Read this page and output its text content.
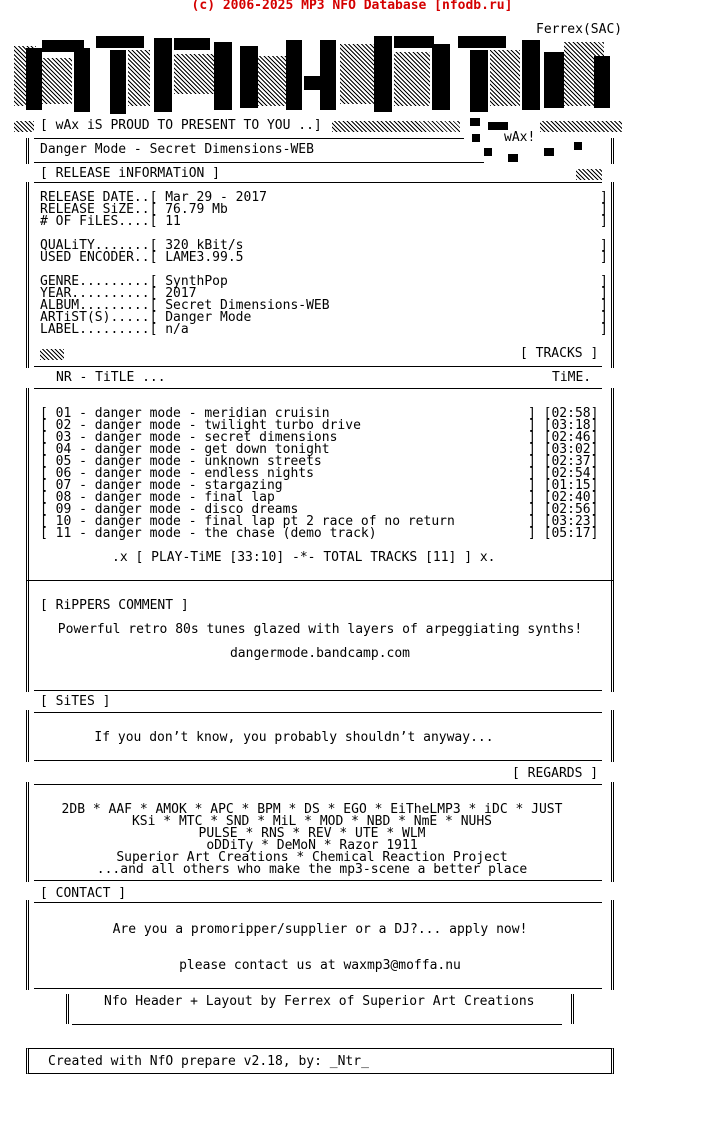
(c) 2006-2025 MP3 NFO Database [nfodb.ru]
Ferrex(SAC)
[ wAx iS PROUD TO PRESENT TO YOU ..]
wAx!
Danger Mode - Secret Dimensions-WEB
[ RELEASE iNFORMATiON ]
RELEASE DATE..[ Mar 29 - 2017	]
RELEASE SiZE..[ 76.79 Mb	]
# OF FiLES....[ 11	]
QUALiTY.......[ 320 kBit/s	]
USED ENCODER..[ LAME3.99.5	]
GENRE.........[ SynthPop	]
YEAR..........[ 2017	]
ALBUM.........[ Secret Dimensions-WEB	]
ARTiST(S).....[ Danger Mode	]
LABEL.........[ n/a	]
[ TRACKS ]
NR - TiTLE ...	TiME.
[ 01 - danger mode - meridian cruisin	] [02:58]
[ 02 - danger mode - twilight turbo drive	] [03:18]
[ 03 - danger mode - secret dimensions	] [02:46]
[ 04 - danger mode - get down tonight	] [03:02]
[ 05 - danger mode - unknown streets	] [02:37]
[ 06 - danger mode - endless nights	] [02:54]
[ 07 - danger mode - stargazing	] [01:15]
[ 08 - danger mode - final lap	] [02:40]
[ 09 - danger mode - disco dreams	] [02:56]
[ 10 - danger mode - final lap pt 2 race of no return	] [03:23]
[ 11 - danger mode - the chase (demo track)	] [05:17]
.x [ PLAY-TiME [33:10] -*- TOTAL TRACKS [11] ] x.
[ RiPPERS COMMENT ]
Powerful retro 80s tunes glazed with layers of arpeggiating synths!
dangermode.bandcamp.com
[ SiTES ]
If you don’t know, you probably shouldn’t anyway...
[ REGARDS ]
2DB * AAF * AMOK * APC * BPM * DS * EGO * EiTheLMP3 * iDC * JUST
KSi * MTC * SND * MiL * MOD * NBD * NmE * NUHS
PULSE * RNS * REV * UTE * WLM
oDDiTy * DeMoN * Razor 1911
Superior Art Creations * Chemical Reaction Project
...and all others who make the mp3-scene a better place
[ CONTACT ]
Are you a promoripper/supplier or a DJ?... apply now!
please contact us at waxmp3@moffa.nu
Nfo Header + Layout by Ferrex of Superior Art Creations
Created with NfO prepare v2.18, by: _Ntr_
